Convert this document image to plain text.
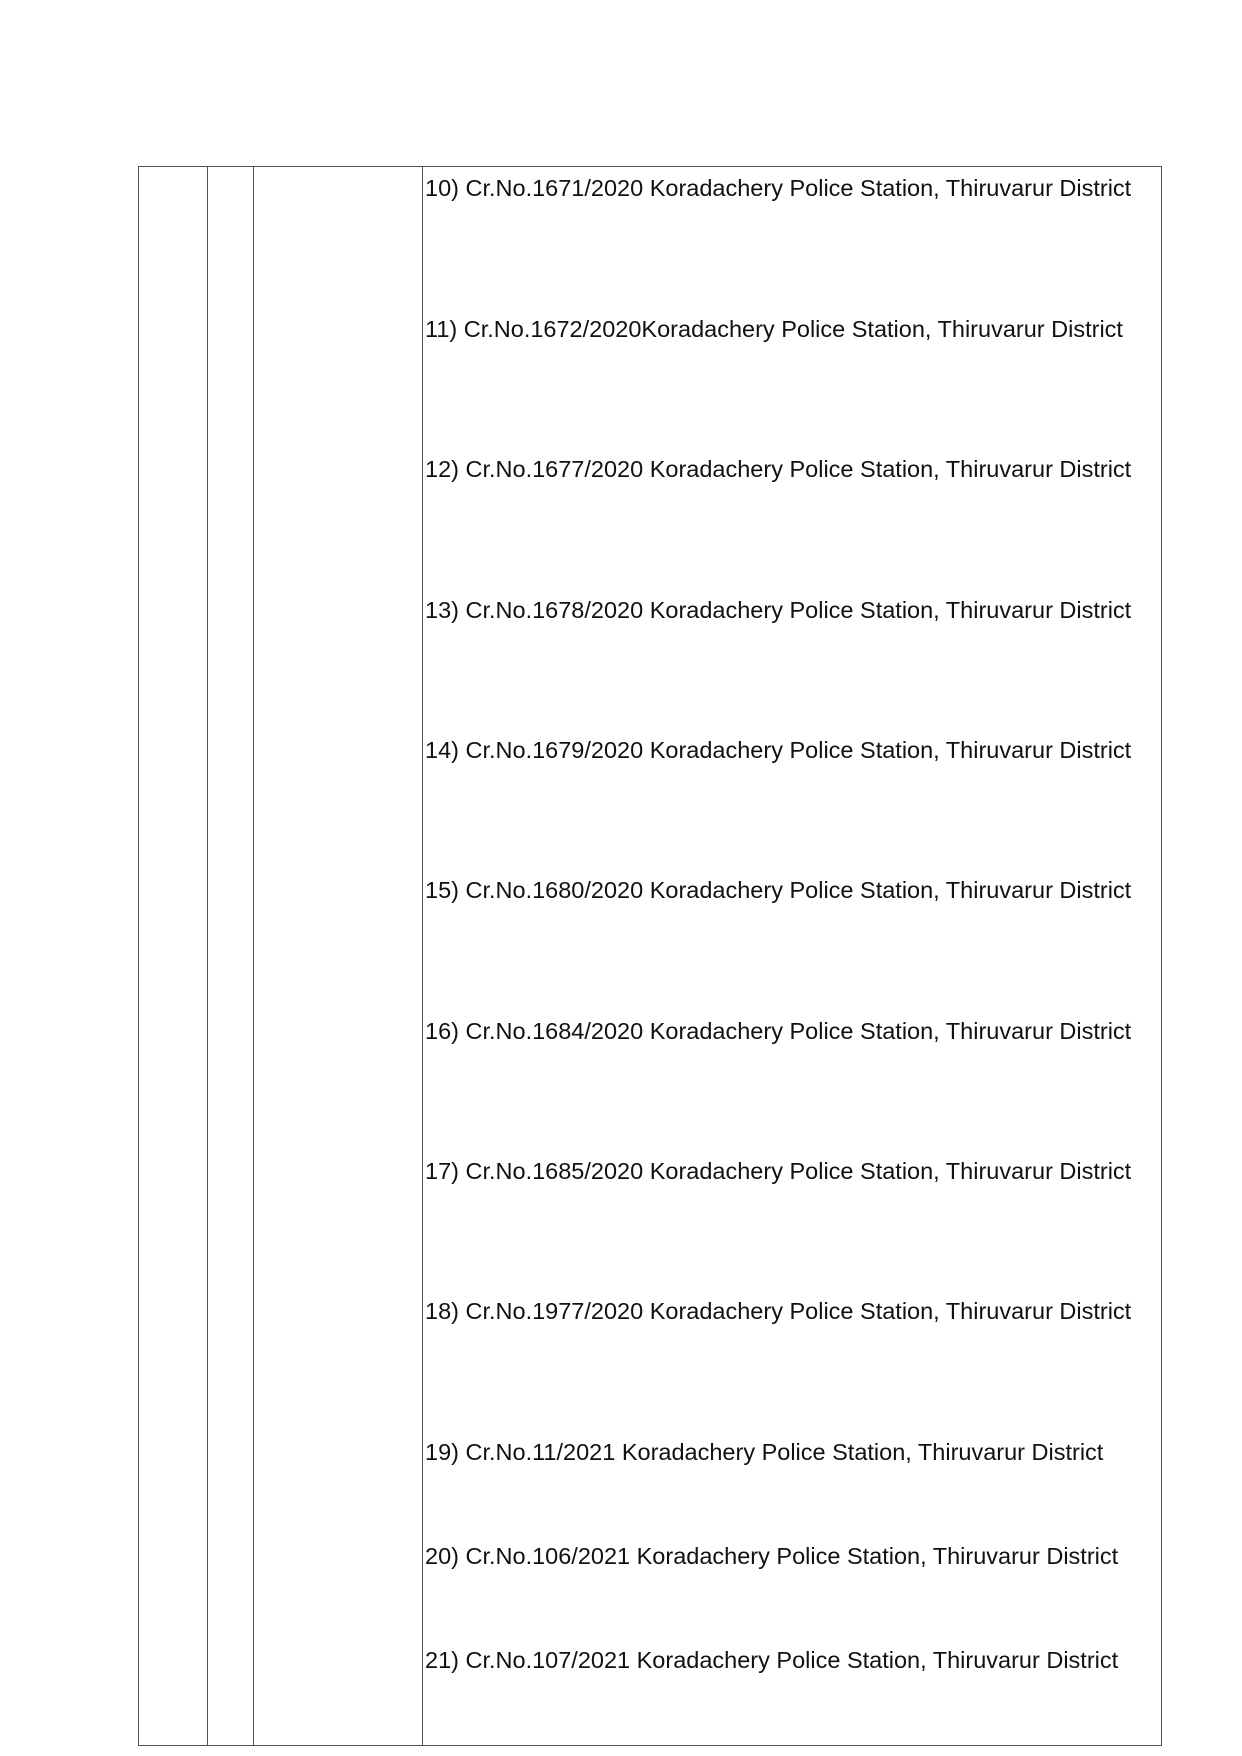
10) Cr.No.1671/2020 Koradachery Police Station, Thiruvarur District
11) Cr.No.1672/2020Koradachery Police Station, Thiruvarur District
12) Cr.No.1677/2020 Koradachery Police Station, Thiruvarur District
13) Cr.No.1678/2020 Koradachery Police Station, Thiruvarur District
14) Cr.No.1679/2020 Koradachery Police Station, Thiruvarur District
15) Cr.No.1680/2020 Koradachery Police Station, Thiruvarur District
16) Cr.No.1684/2020 Koradachery Police Station, Thiruvarur District
17) Cr.No.1685/2020 Koradachery Police Station, Thiruvarur District
18) Cr.No.1977/2020 Koradachery Police Station, Thiruvarur District
19) Cr.No.11/2021 Koradachery Police Station, Thiruvarur District
20) Cr.No.106/2021 Koradachery Police Station, Thiruvarur District
21) Cr.No.107/2021 Koradachery Police Station, Thiruvarur District
